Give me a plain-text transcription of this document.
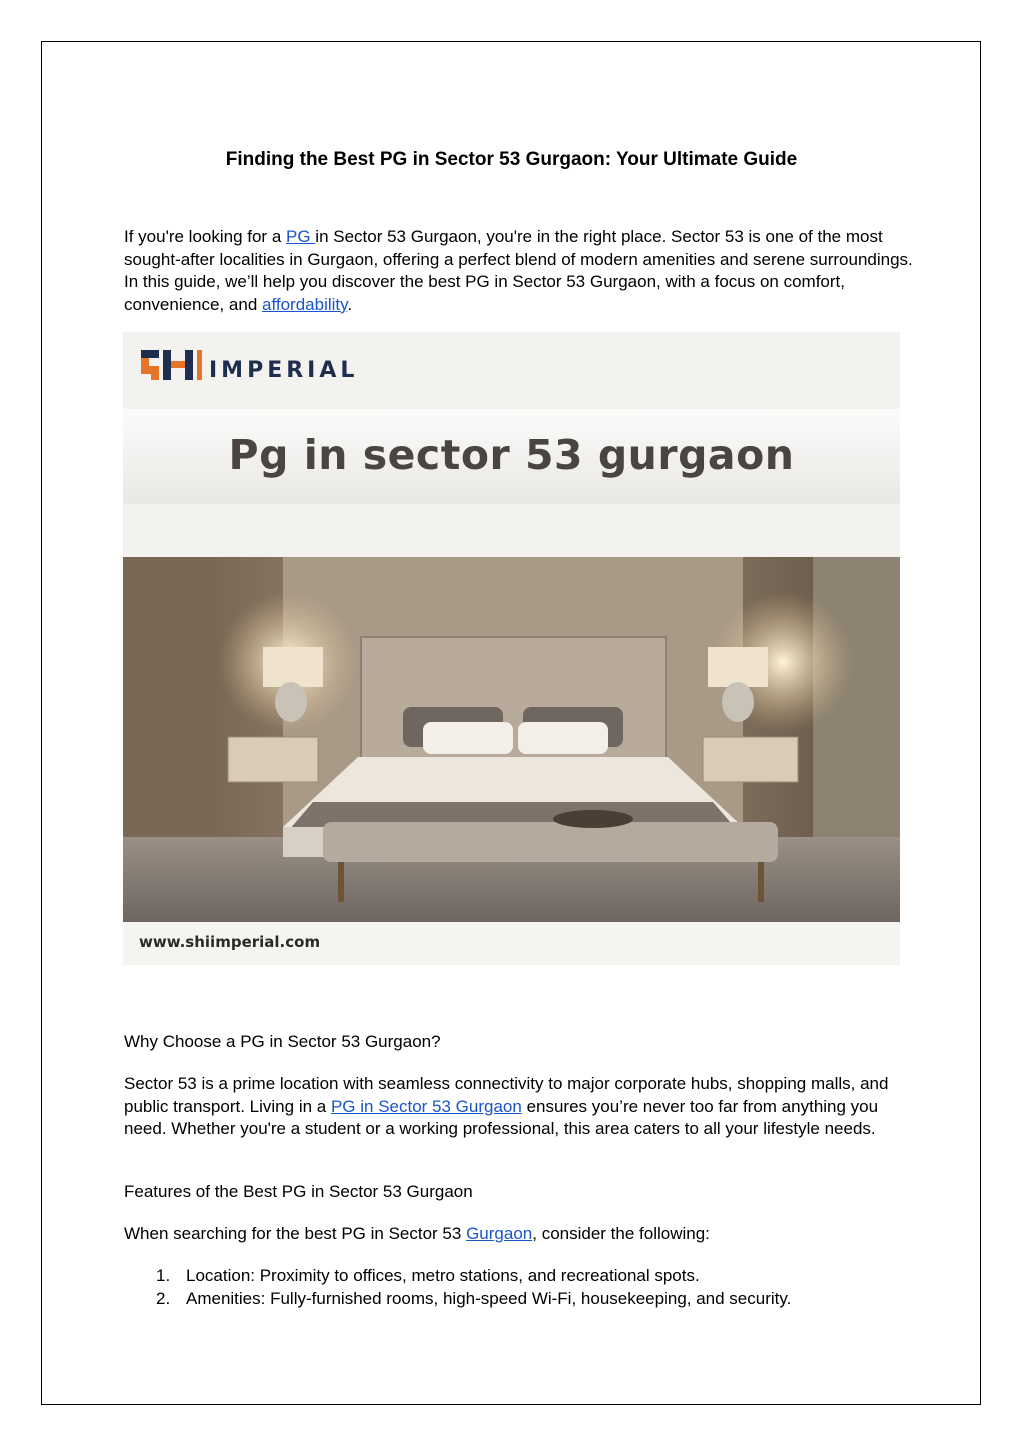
Finding the Best PG in Sector 53 Gurgaon: Your Ultimate Guide

If you're looking for a PG in Sector 53 Gurgaon, you're in the right place. Sector 53 is one of the most sought-after localities in Gurgaon, offering a perfect blend of modern amenities and serene surroundings. In this guide, we’ll help you discover the best PG in Sector 53 Gurgaon, with a focus on comfort, convenience, and affordability.

IMPERIAL
Pg in sector 53 gurgaon
www.shiimperial.com
Why Choose a PG in Sector 53 Gurgaon?

Sector 53 is a prime location with seamless connectivity to major corporate hubs, shopping malls, and public transport. Living in a PG in Sector 53 Gurgaon ensures you’re never too far from anything you need. Whether you're a student or a working professional, this area caters to all your lifestyle needs.

Features of the Best PG in Sector 53 Gurgaon

When searching for the best PG in Sector 53 Gurgaon, consider the following:

1. Location: Proximity to offices, metro stations, and recreational spots.
2. Amenities: Fully-furnished rooms, high-speed Wi-Fi, housekeeping, and security.
